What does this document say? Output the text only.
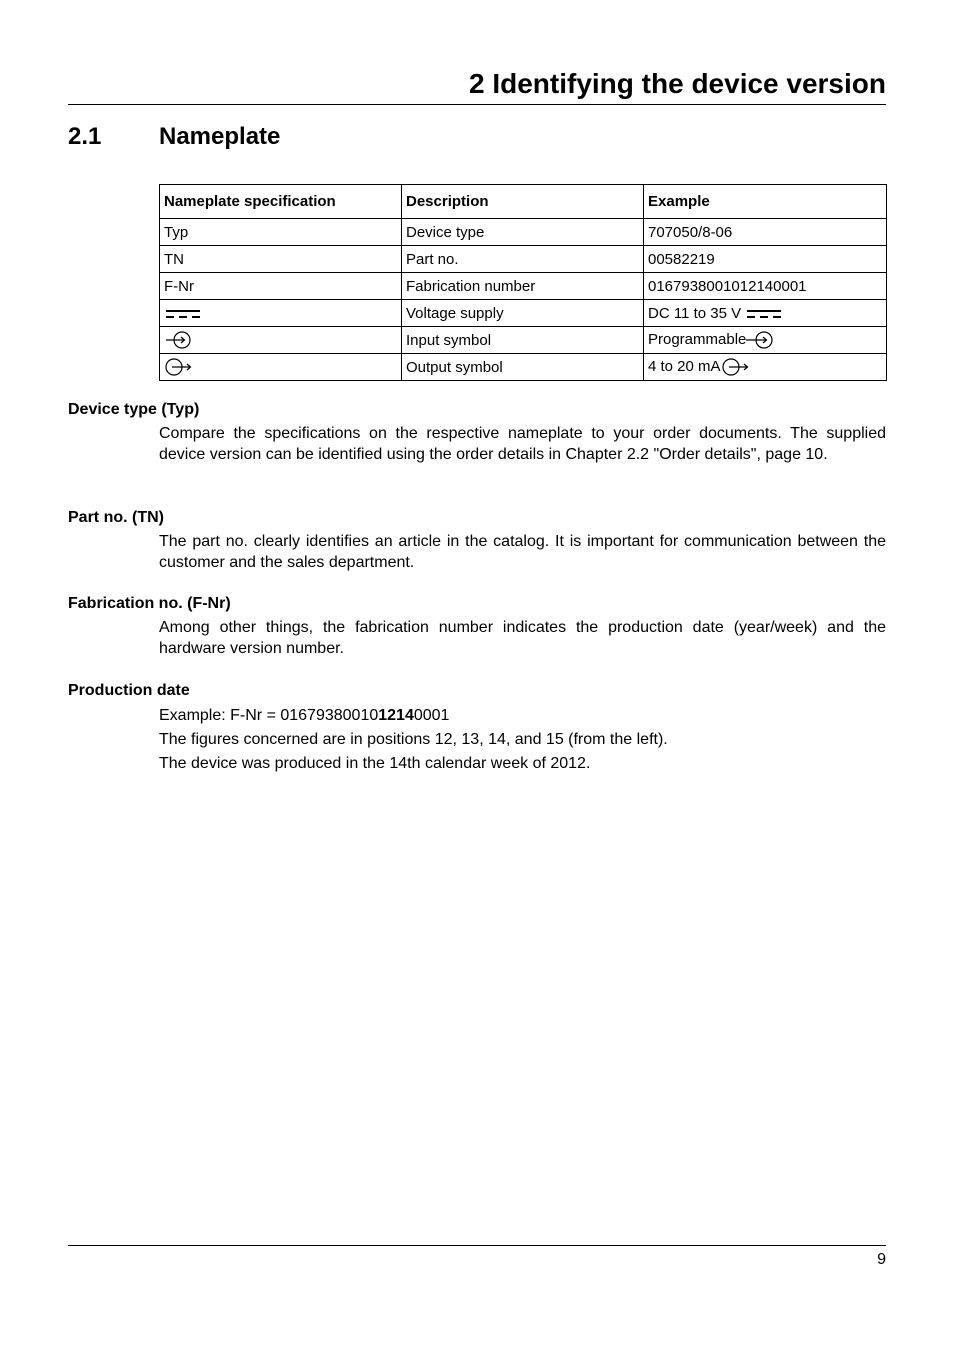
2 Identifying the device version
2.1 Nameplate
Nameplate specification	Description	Example
Typ	Device type	707050/8-06
TN	Part no.	00582219
F-Nr	Fabrication number	0167938001012140001
	Voltage supply	DC 11 to 35 V
	Input symbol	Programmable
	Output symbol	4 to 20 mA
Device type (Typ)

Compare the specifications on the respective nameplate to your order documents. The supplied device version can be identified using the order details in Chapter 2.2 "Order details", page 10.

Part no. (TN)

The part no. clearly identifies an article in the catalog. It is important for communication between the customer and the sales department.

Fabrication no. (F-Nr)

Among other things, the fabrication number indicates the production date (year/week) and the hardware version number.

Production date

Example: F-Nr = 0167938001012140001

The figures concerned are in positions 12, 13, 14, and 15 (from the left).

The device was produced in the 14th calendar week of 2012.

9
